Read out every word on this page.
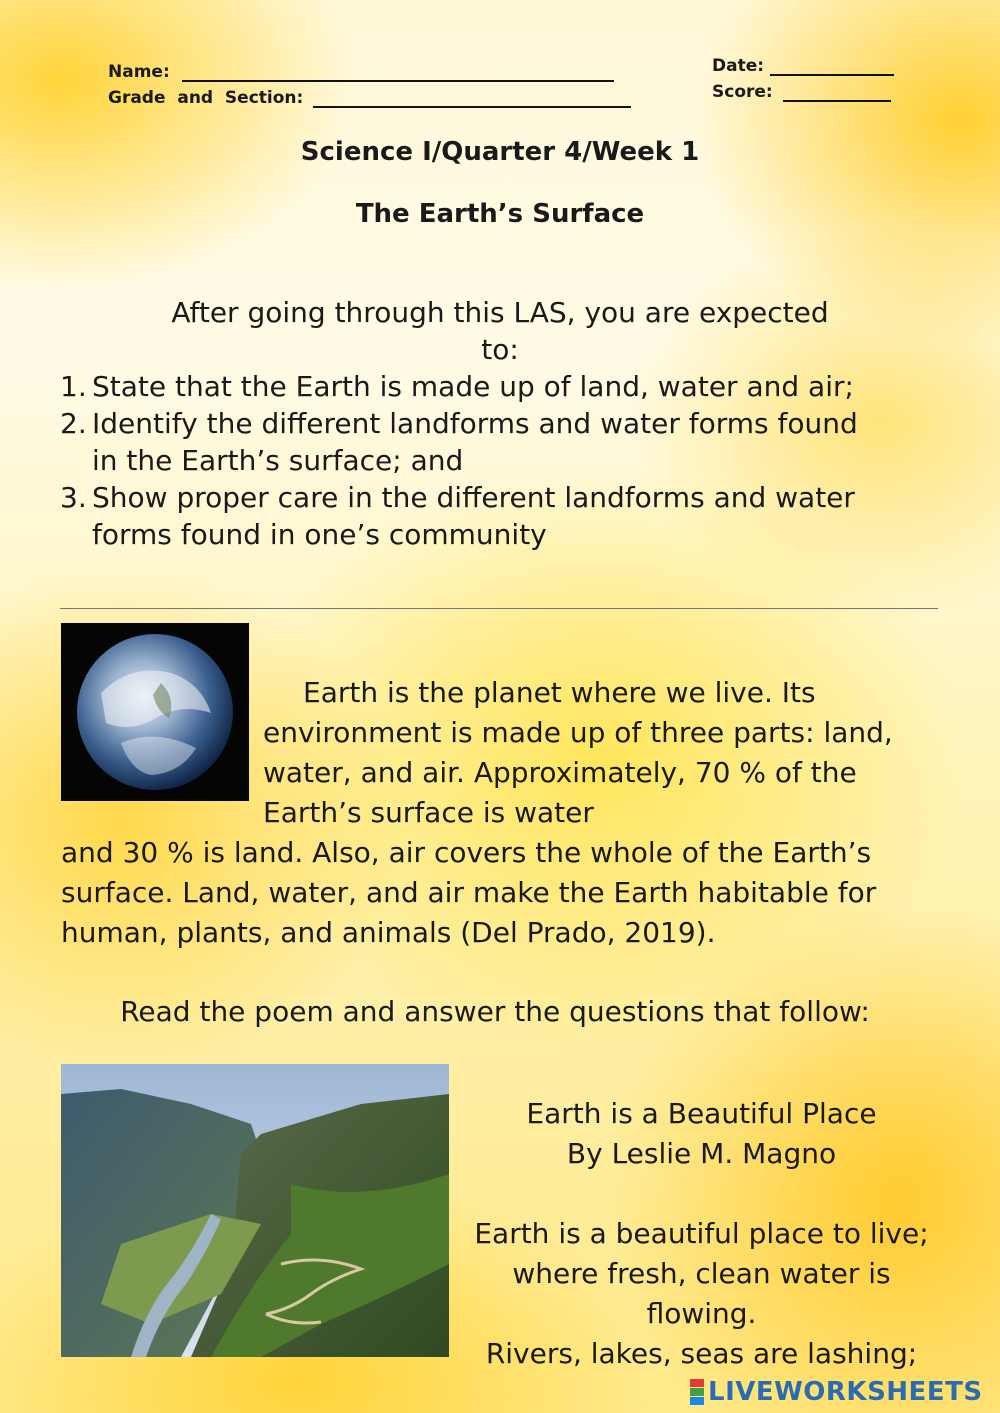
Name:
Grade  and  Section:
Date:
Score:
Science I/Quarter 4/Week 1
The Earth’s Surface
After going through this LAS, you are expected
to:
1. State that the Earth is made up of land, water and air;
2. Identify the different landforms and water forms found
in the Earth’s surface; and
3. Show proper care in the different landforms and water
forms found in one’s community
Earth is the planet where we live. Its
environment is made up of three parts: land,
water, and air. Approximately, 70 % of the
Earth’s surface is water
and 30 % is land. Also, air covers the whole of the Earth’s
surface. Land, water, and air make the Earth habitable for
human, plants, and animals (Del Prado, 2019).
Read the poem and answer the questions that follow:
Earth is a Beautiful Place
By Leslie M. Magno
Earth is a beautiful place to live;
where fresh, clean water is
flowing.
Rivers, lakes, seas are lashing;
LIVEWORKSHEETS
